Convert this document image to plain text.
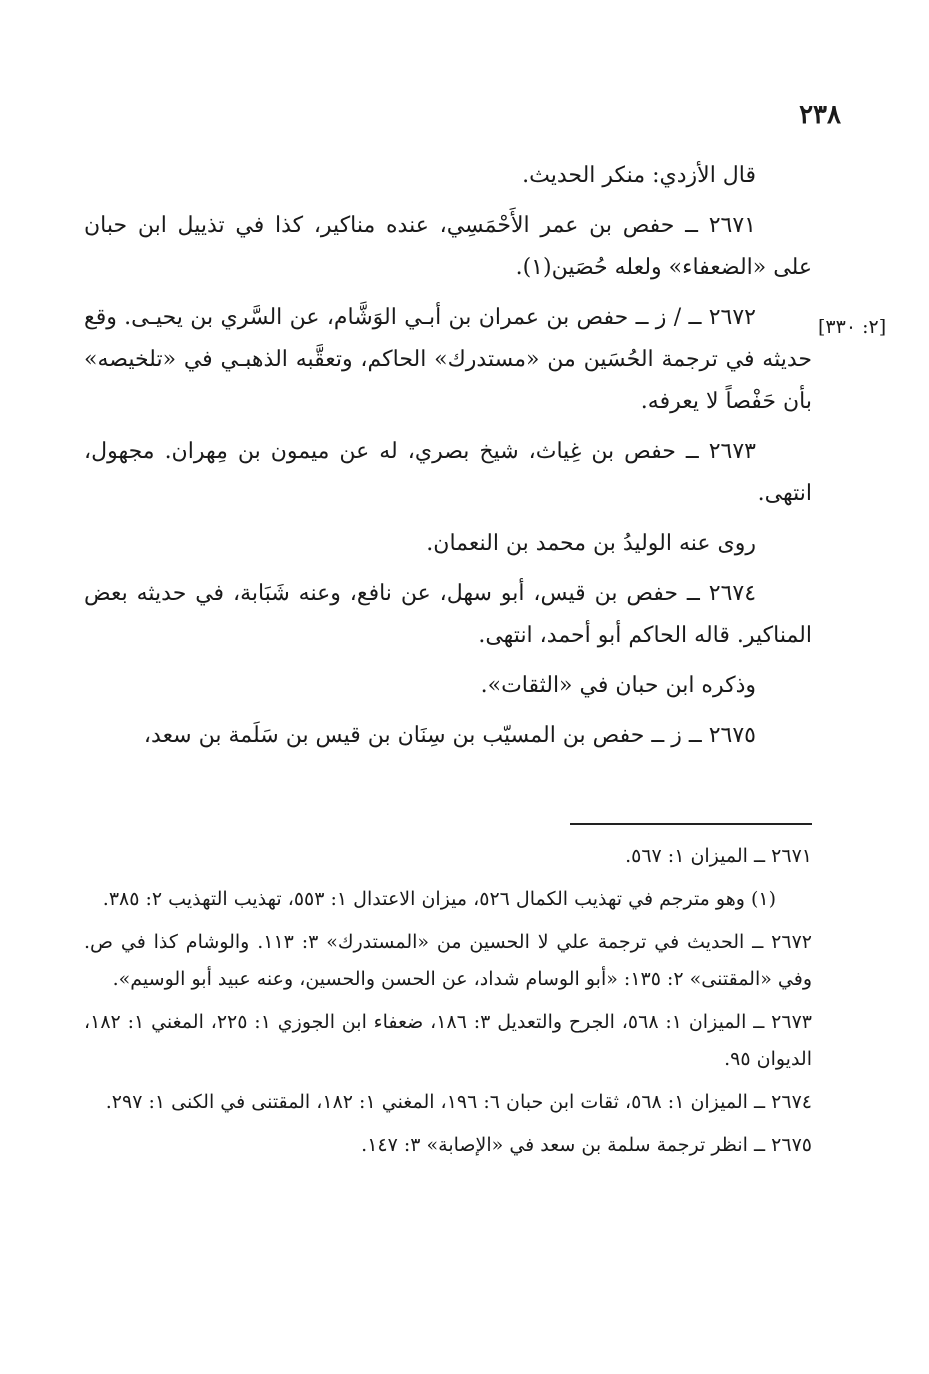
٢٣٨
[٢: ٣٣٠]

قال الأزدي: منكر الحديث.

٢٦٧١ ــ حفص بن عمر الأَحْمَسِي، عنده مناكير، كذا في تذييل ابن حبان على «الضعفاء» ولعله حُصَين(١).

٢٦٧٢ ــ / ز ــ حفص بن عمران بن أبـي الوَشَّام، عن السَّري بن يحيـى. وقع حديثه في ترجمة الحُسَين من «مستدرك» الحاكم، وتعقَّبه الذهبـي في «تلخيصه» بأن حَفْصاً لا يعرفه.

٢٦٧٣ ــ حفص بن غِياث، شيخ بصري، له عن ميمون بن مِهران. مجهول، انتهى.

روى عنه الوليدُ بن محمد بن النعمان.

٢٦٧٤ ــ حفص بن قيس، أبو سهل، عن نافع، وعنه شَبَابة، في حديثه بعض المناكير. قاله الحاكم أبو أحمد، انتهى.

وذكره ابن حبان في «الثقات».

٢٦٧٥ ــ ز ــ حفص بن المسيّب بن سِنَان بن قيس بن سَلَمة بن سعد،

٢٦٧١ ــ الميزان ١: ٥٦٧.

(١) وهو مترجم في تهذيب الكمال ٥٢٦، ميزان الاعتدال ١: ٥٥٣، تهذيب التهذيب ٢: ٣٨٥.

٢٦٧٢ ــ الحديث في ترجمة علي لا الحسين من «المستدرك» ٣: ١١٣. والوشام كذا في ص. وفي «المقتنى» ٢: ١٣٥: «أبو الوسام شداد، عن الحسن والحسين، وعنه عبيد أبو الوسيم».

٢٦٧٣ ــ الميزان ١: ٥٦٨، الجرح والتعديل ٣: ١٨٦، ضعفاء ابن الجوزي ١: ٢٢٥، المغني ١: ١٨٢، الديوان ٩٥.

٢٦٧٤ ــ الميزان ١: ٥٦٨، ثقات ابن حبان ٦: ١٩٦، المغني ١: ١٨٢، المقتنى في الكنى ١: ٢٩٧.

٢٦٧٥ ــ انظر ترجمة سلمة بن سعد في «الإصابة» ٣: ١٤٧.
